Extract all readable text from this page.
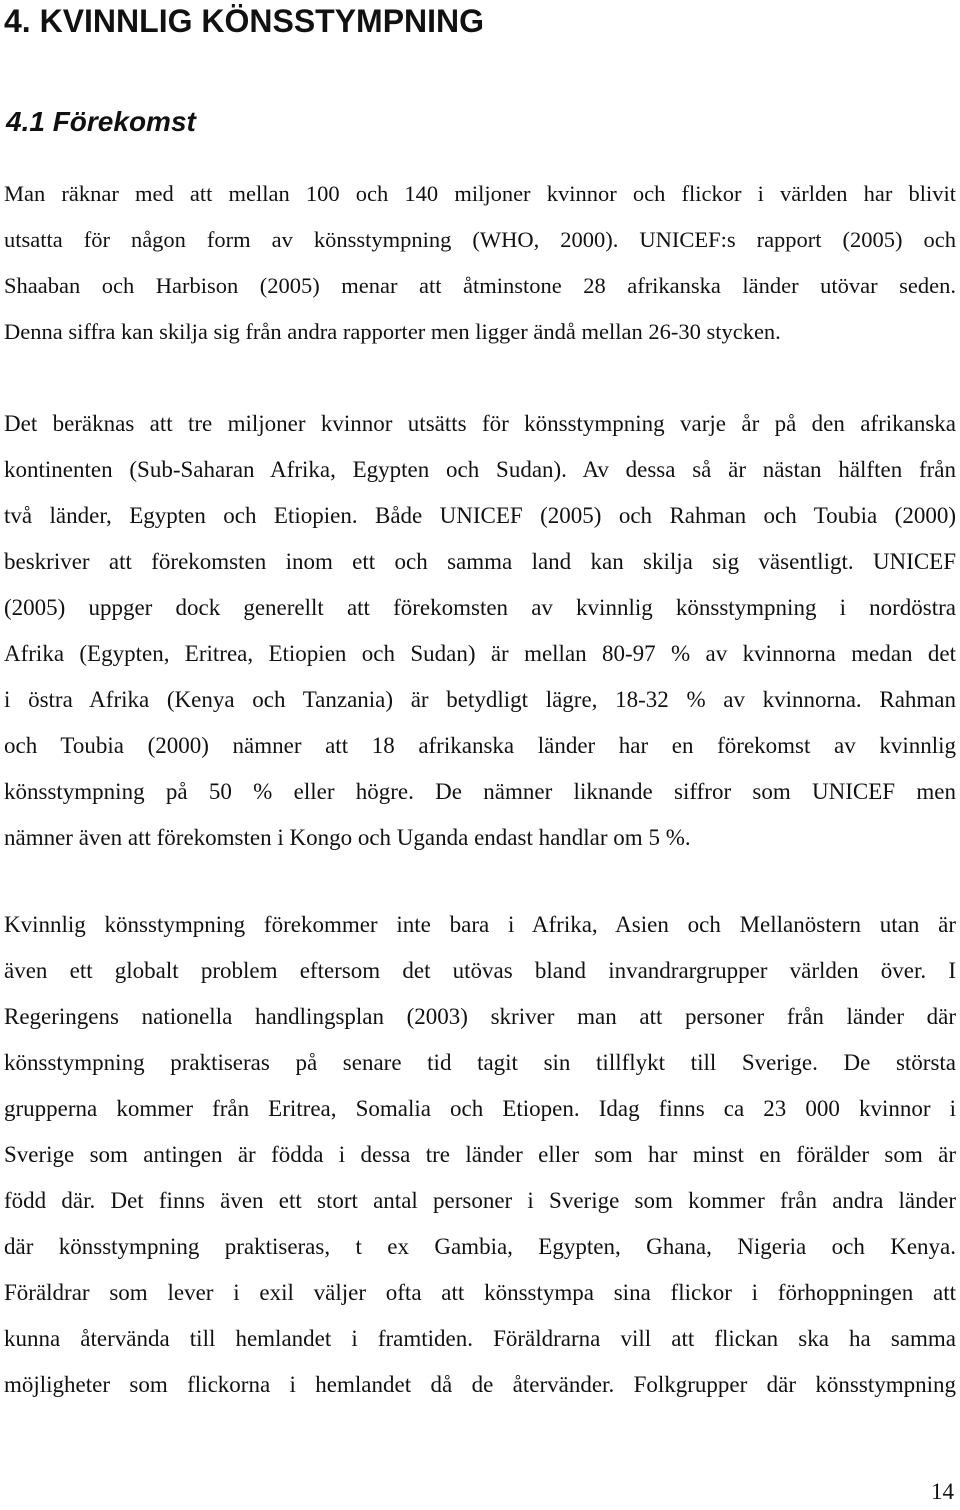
4. KVINNLIG KÖNSSTYMPNING
4.1 Förekomst
Man räknar med att mellan 100 och 140 miljoner kvinnor och flickor i världen har blivit
utsatta för någon form av könsstympning (WHO, 2000). UNICEF:s rapport (2005) och
Shaaban och Harbison (2005) menar att åtminstone 28 afrikanska länder utövar seden.
Denna siffra kan skilja sig från andra rapporter men ligger ändå mellan 26-30 stycken.
Det beräknas att tre miljoner kvinnor utsätts för könsstympning varje år på den afrikanska
kontinenten (Sub-Saharan Afrika, Egypten och Sudan). Av dessa så är nästan hälften från
två länder, Egypten och Etiopien. Både UNICEF (2005) och Rahman och Toubia (2000)
beskriver att förekomsten inom ett och samma land kan skilja sig väsentligt. UNICEF
(2005) uppger dock generellt att förekomsten av kvinnlig könsstympning i nordöstra
Afrika (Egypten, Eritrea, Etiopien och Sudan) är mellan 80-97 % av kvinnorna medan det
i östra Afrika (Kenya och Tanzania) är betydligt lägre, 18-32 % av kvinnorna. Rahman
och Toubia (2000) nämner att 18 afrikanska länder har en förekomst av kvinnlig
könsstympning på 50 % eller högre. De nämner liknande siffror som UNICEF men
nämner även att förekomsten i Kongo och Uganda endast handlar om 5 %.
Kvinnlig könsstympning förekommer inte bara i Afrika, Asien och Mellanöstern utan är
även ett globalt problem eftersom det utövas bland invandrargrupper världen över. I
Regeringens nationella handlingsplan (2003) skriver man att personer från länder där
könsstympning praktiseras på senare tid tagit sin tillflykt till Sverige. De största
grupperna kommer från Eritrea, Somalia och Etiopen. Idag finns ca 23 000 kvinnor i
Sverige som antingen är födda i dessa tre länder eller som har minst en förälder som är
född där. Det finns även ett stort antal personer i Sverige som kommer från andra länder
där könsstympning praktiseras, t ex Gambia, Egypten, Ghana, Nigeria och Kenya.
Föräldrar som lever i exil väljer ofta att könsstympa sina flickor i förhoppningen att
kunna återvända till hemlandet i framtiden. Föräldrarna vill att flickan ska ha samma
möjligheter som flickorna i hemlandet då de återvänder. Folkgrupper där könsstympning
14
